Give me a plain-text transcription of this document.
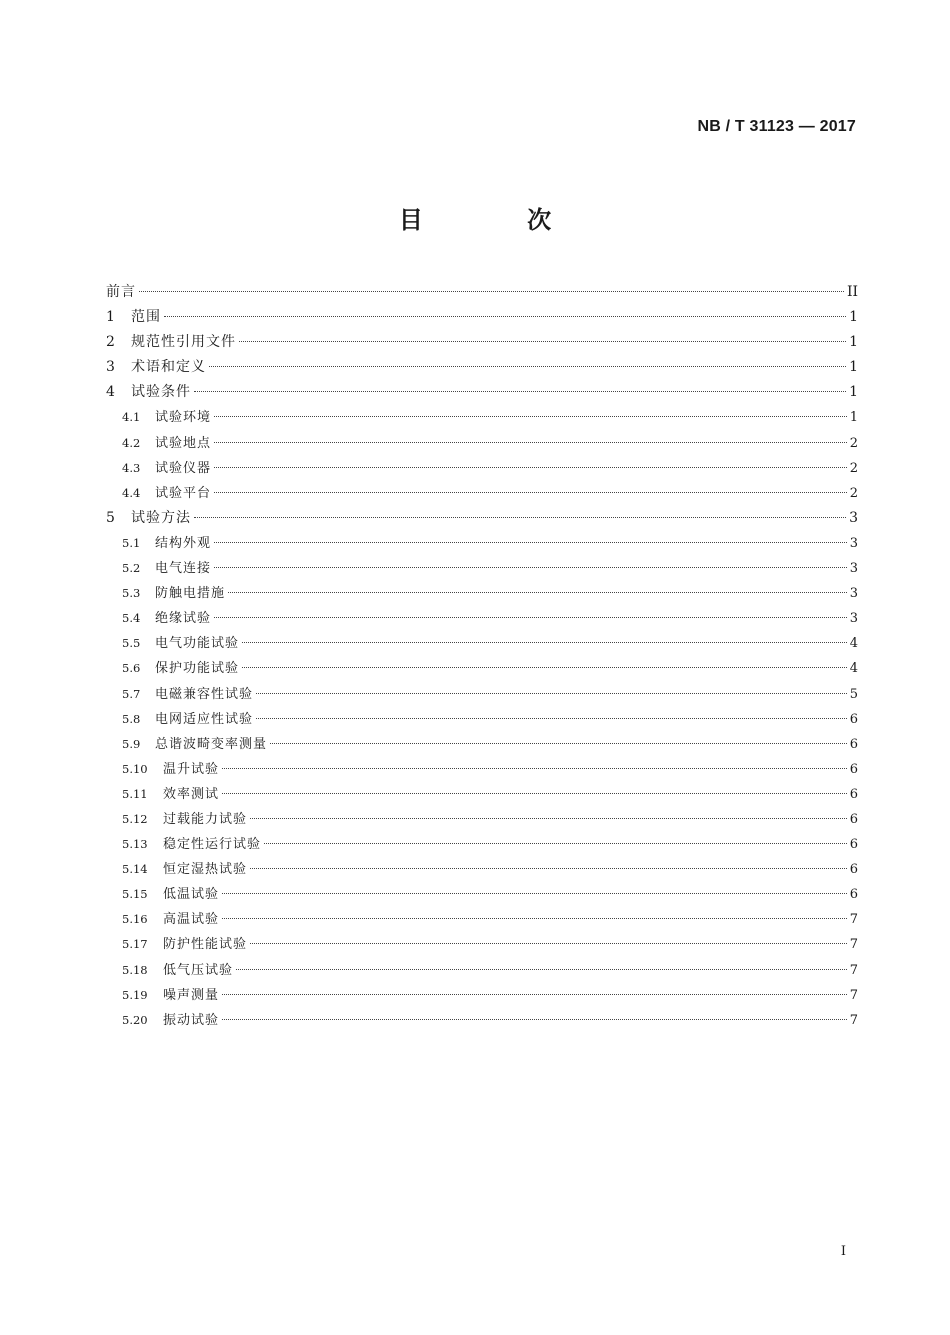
NB / T 31123 — 2017
目 次
前言	II
1	范围	1
2	规范性引用文件	1
3	术语和定义	1
4	试验条件	1
4.1	试验环境	1
4.2	试验地点	2
4.3	试验仪器	2
4.4	试验平台	2
5	试验方法	3
5.1	结构外观	3
5.2	电气连接	3
5.3	防触电措施	3
5.4	绝缘试验	3
5.5	电气功能试验	4
5.6	保护功能试验	4
5.7	电磁兼容性试验	5
5.8	电网适应性试验	6
5.9	总谐波畸变率测量	6
5.10	温升试验	6
5.11	效率测试	6
5.12	过载能力试验	6
5.13	稳定性运行试验	6
5.14	恒定湿热试验	6
5.15	低温试验	6
5.16	高温试验	7
5.17	防护性能试验	7
5.18	低气压试验	7
5.19	噪声测量	7
5.20	振动试验	7
I
